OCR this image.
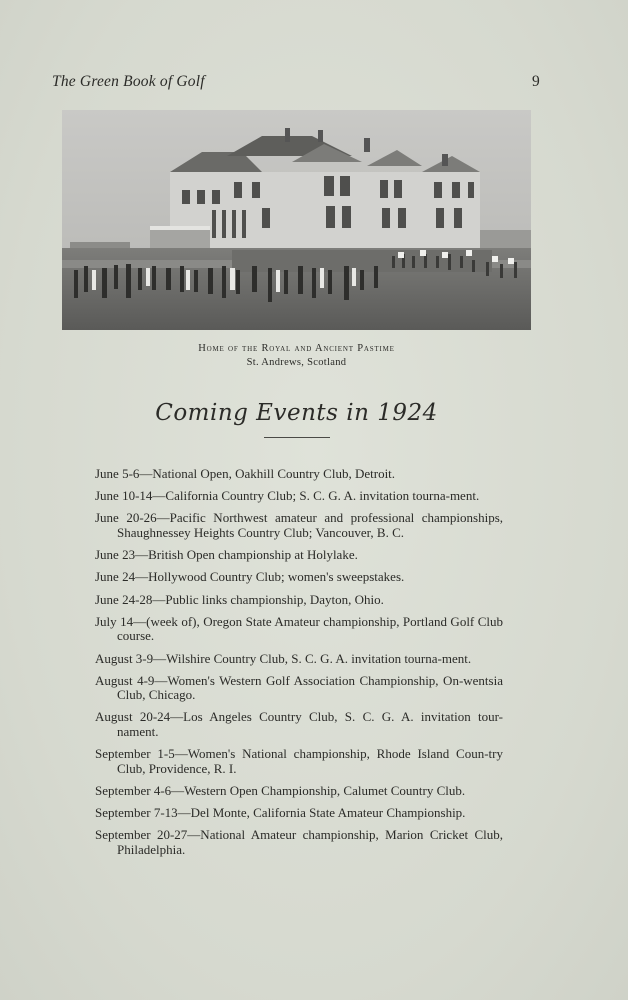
The Green Book of Golf	9
Home of the Royal and Ancient Pastime
St. Andrews, Scotland
Coming Events in 1924
June 5-6—National Open, Oakhill Country Club, Detroit.
June 10-14—California Country Club; S. C. G. A. invitation tourna-ment.
June 20-26—Pacific Northwest amateur and professional championships, Shaughnessey Heights Country Club; Vancouver, B. C.
June 23—British Open championship at Holylake.
June 24—Hollywood Country Club; women's sweepstakes.
June 24-28—Public links championship, Dayton, Ohio.
July 14—(week of), Oregon State Amateur championship, Portland Golf Club course.
August 3-9—Wilshire Country Club, S. C. G. A. invitation tourna-ment.
August 4-9—Women's Western Golf Association Championship, On-wentsia Club, Chicago.
August 20-24—Los Angeles Country Club, S. C. G. A. invitation tour-nament.
September 1-5—Women's National championship, Rhode Island Coun-try Club, Providence, R. I.
September 4-6—Western Open Championship, Calumet Country Club.
September 7-13—Del Monte, California State Amateur Championship.
September 20-27—National Amateur championship, Marion Cricket Club, Philadelphia.
